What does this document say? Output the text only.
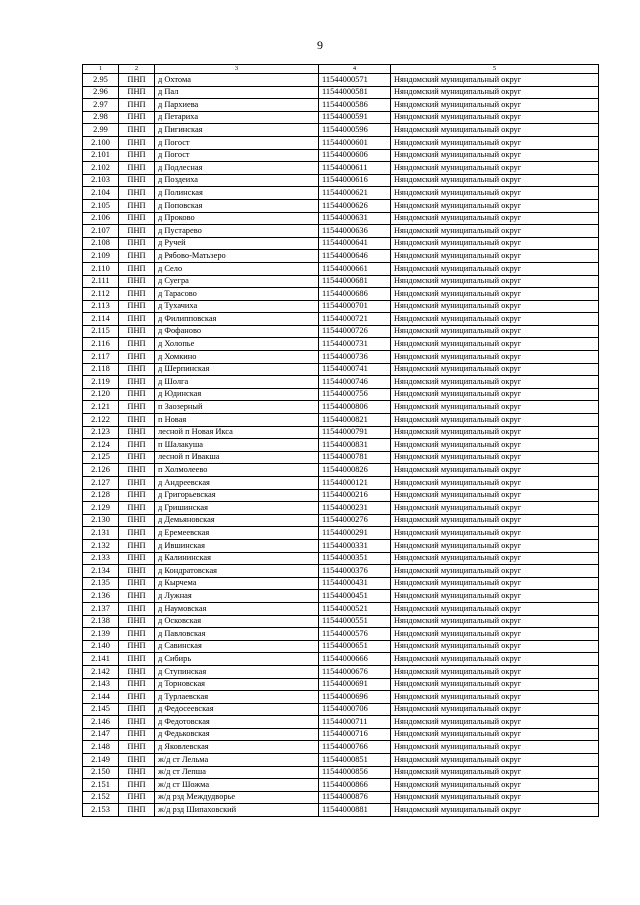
9
1	2	3	4	5
2.95	ПНП	д Охтома	11544000571	Няндомский муниципальный округ
2.96	ПНП	д Пал	11544000581	Няндомский муниципальный округ
2.97	ПНП	д Пархиева	11544000586	Няндомский муниципальный округ
2.98	ПНП	д Петариха	11544000591	Няндомский муниципальный округ
2.99	ПНП	д Пигинская	11544000596	Няндомский муниципальный округ
2.100	ПНП	д Погост	11544000601	Няндомский муниципальный округ
2.101	ПНП	д Погост	11544000606	Няндомский муниципальный округ
2.102	ПНП	д Подлесная	11544000611	Няндомский муниципальный округ
2.103	ПНП	д Поздеиха	11544000616	Няндомский муниципальный округ
2.104	ПНП	д Полинская	11544000621	Няндомский муниципальный округ
2.105	ПНП	д Поповская	11544000626	Няндомский муниципальный округ
2.106	ПНП	д Проково	11544000631	Няндомский муниципальный округ
2.107	ПНП	д Пустарево	11544000636	Няндомский муниципальный округ
2.108	ПНП	д Ручей	11544000641	Няндомский муниципальный округ
2.109	ПНП	д Рябово-Матьзеро	11544000646	Няндомский муниципальный округ
2.110	ПНП	д Село	11544000661	Няндомский муниципальный округ
2.111	ПНП	д Суегра	11544000681	Няндомский муниципальный округ
2.112	ПНП	д Тарасово	11544000686	Няндомский муниципальный округ
2.113	ПНП	д Тухачиха	11544000701	Няндомский муниципальный округ
2.114	ПНП	д Филипповская	11544000721	Няндомский муниципальный округ
2.115	ПНП	д Фофаново	11544000726	Няндомский муниципальный округ
2.116	ПНП	д Холопье	11544000731	Няндомский муниципальный округ
2.117	ПНП	д Хомкино	11544000736	Няндомский муниципальный округ
2.118	ПНП	д Шерпинская	11544000741	Няндомский муниципальный округ
2.119	ПНП	д Шолга	11544000746	Няндомский муниципальный округ
2.120	ПНП	д Юдинская	11544000756	Няндомский муниципальный округ
2.121	ПНП	п Заозерный	11544000806	Няндомский муниципальный округ
2.122	ПНП	п Новая	11544000821	Няндомский муниципальный округ
2.123	ПНП	лесной п Новая Икса	11544000791	Няндомский муниципальный округ
2.124	ПНП	п Шалакуша	11544000831	Няндомский муниципальный округ
2.125	ПНП	лесной п Ивакша	11544000781	Няндомский муниципальный округ
2.126	ПНП	п Холмолеево	11544000826	Няндомский муниципальный округ
2.127	ПНП	д Андреевская	11544000121	Няндомский муниципальный округ
2.128	ПНП	д Григорьевская	11544000216	Няндомский муниципальный округ
2.129	ПНП	д Гришинская	11544000231	Няндомский муниципальный округ
2.130	ПНП	д Демьяновская	11544000276	Няндомский муниципальный округ
2.131	ПНП	д Еремеевская	11544000291	Няндомский муниципальный округ
2.132	ПНП	д Ившинская	11544000331	Няндомский муниципальный округ
2.133	ПНП	д Калининская	11544000351	Няндомский муниципальный округ
2.134	ПНП	д Кондратовская	11544000376	Няндомский муниципальный округ
2.135	ПНП	д Кырчема	11544000431	Няндомский муниципальный округ
2.136	ПНП	д Лужная	11544000451	Няндомский муниципальный округ
2.137	ПНП	д Наумовская	11544000521	Няндомский муниципальный округ
2.138	ПНП	д Осковская	11544000551	Няндомский муниципальный округ
2.139	ПНП	д Павловская	11544000576	Няндомский муниципальный округ
2.140	ПНП	д Савинская	11544000651	Няндомский муниципальный округ
2.141	ПНП	д Сибирь	11544000666	Няндомский муниципальный округ
2.142	ПНП	д Ступинская	11544000676	Няндомский муниципальный округ
2.143	ПНП	д Торновская	11544000691	Няндомский муниципальный округ
2.144	ПНП	д Турлаевская	11544000696	Няндомский муниципальный округ
2.145	ПНП	д Федосеевская	11544000706	Няндомский муниципальный округ
2.146	ПНП	д Федотовская	11544000711	Няндомский муниципальный округ
2.147	ПНП	д Федьковская	11544000716	Няндомский муниципальный округ
2.148	ПНП	д Яковлевская	11544000766	Няндомский муниципальный округ
2.149	ПНП	ж/д ст Лельма	11544000851	Няндомский муниципальный округ
2.150	ПНП	ж/д ст Лепша	11544000856	Няндомский муниципальный округ
2.151	ПНП	ж/д ст Шожма	11544000866	Няндомский муниципальный округ
2.152	ПНП	ж/д рзд Междудворье	11544000876	Няндомский муниципальный округ
2.153	ПНП	ж/д рзд Шипаховский	11544000881	Няндомский муниципальный округ
